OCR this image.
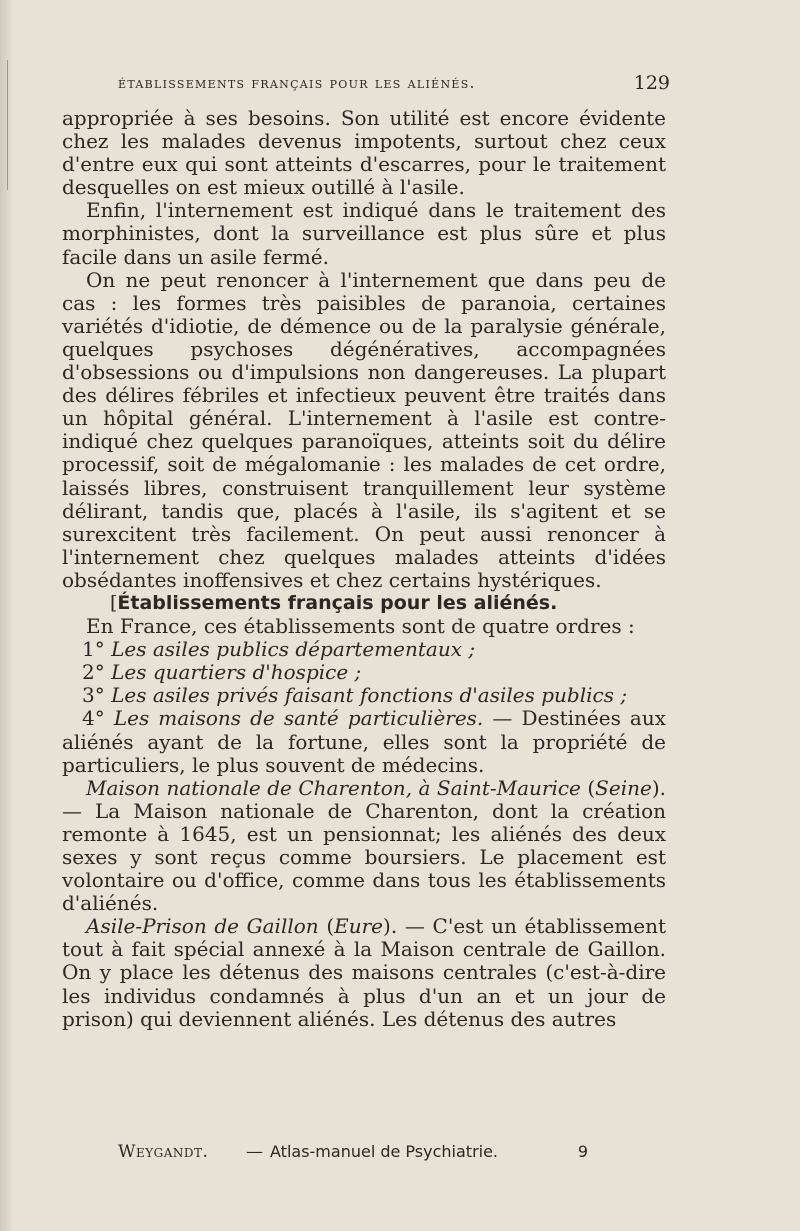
établissements français pour les aliénés.	129

appropriée à ses besoins. Son utilité est encore évidente chez les malades devenus impotents, surtout chez ceux d'entre eux qui sont atteints d'escarres, pour le traitement desquelles on est mieux outillé à l'asile.

Enfin, l'internement est indiqué dans le traitement des morphinistes, dont la surveillance est plus sûre et plus facile dans un asile fermé.

On ne peut renoncer à l'internement que dans peu de cas : les formes très paisibles de paranoia, certaines variétés d'idiotie, de démence ou de la paralysie générale, quelques psychoses dégénératives, accompagnées d'obsessions ou d'impulsions non dangereuses. La plupart des délires fébriles et infectieux peuvent être traités dans un hôpital général. L'internement à l'asile est contre-indiqué chez quelques paranoïques, atteints soit du délire processif, soit de mégalomanie : les malades de cet ordre, laissés libres, construisent tranquillement leur système délirant, tandis que, placés à l'asile, ils s'agitent et se surexcitent très facilement. On peut aussi renoncer à l'internement chez quelques malades atteints d'idées obsédantes inoffensives et chez certains hystériques.

[Établissements français pour les aliénés.

En France, ces établissements sont de quatre ordres :

1° Les asiles publics départementaux ;

2° Les quartiers d'hospice ;

3° Les asiles privés faisant fonctions d'asiles publics ;

4° Les maisons de santé particulières. — Destinées aux aliénés ayant de la fortune, elles sont la propriété de particuliers, le plus souvent de médecins.

Maison nationale de Charenton, à Saint-Maurice (Seine). — La Maison nationale de Charenton, dont la création remonte à 1645, est un pensionnat; les aliénés des deux sexes y sont reçus comme boursiers. Le placement est volontaire ou d'office, comme dans tous les établissements d'aliénés.

Asile-Prison de Gaillon (Eure). — C'est un établissement tout à fait spécial annexé à la Maison centrale de Gaillon. On y place les détenus des maisons centrales (c'est-à-dire les individus condamnés à plus d'un an et un jour de prison) qui deviennent aliénés. Les détenus des autres

Weygandt. — Atlas-manuel de Psychiatrie.	9
